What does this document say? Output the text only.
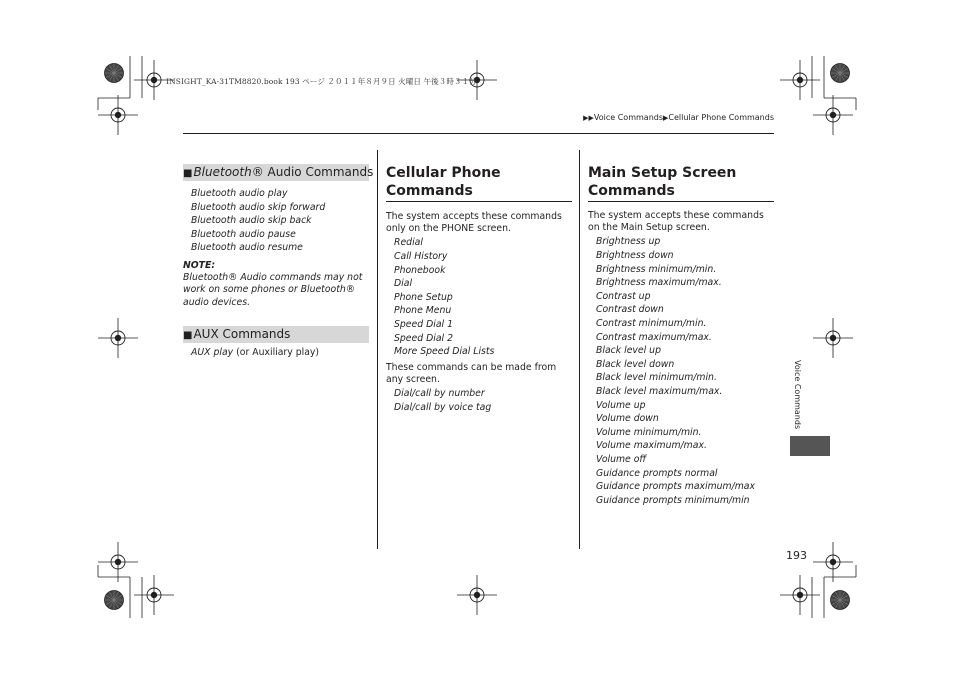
INSIGHT_KA-31TM8820.book 193 ページ ２０１１年８月９日 火曜日 午後３時３１分
▶▶Voice Commands▶Cellular Phone Commands
■Bluetooth® Audio Commands
Bluetooth audio play
Bluetooth audio skip forward
Bluetooth audio skip back
Bluetooth audio pause
Bluetooth audio resume
NOTE:
Bluetooth® Audio commands may not work on some phones or Bluetooth® audio devices.
■AUX Commands
AUX play (or Auxiliary play)
Cellular Phone Commands
The system accepts these commands only on the PHONE screen.
Redial
Call History
Phonebook
Dial
Phone Setup
Phone Menu
Speed Dial 1
Speed Dial 2
More Speed Dial Lists
These commands can be made from any screen.
Dial/call by number
Dial/call by voice tag
Main Setup Screen Commands
The system accepts these commands on the Main Setup screen.
Brightness up
Brightness down
Brightness minimum/min.
Brightness maximum/max.
Contrast up
Contrast down
Contrast minimum/min.
Contrast maximum/max.
Black level up
Black level down
Black level minimum/min.
Black level maximum/max.
Volume up
Volume down
Volume minimum/min.
Volume maximum/max.
Volume off
Guidance prompts normal
Guidance prompts maximum/max
Guidance prompts minimum/min
Voice Commands
193
